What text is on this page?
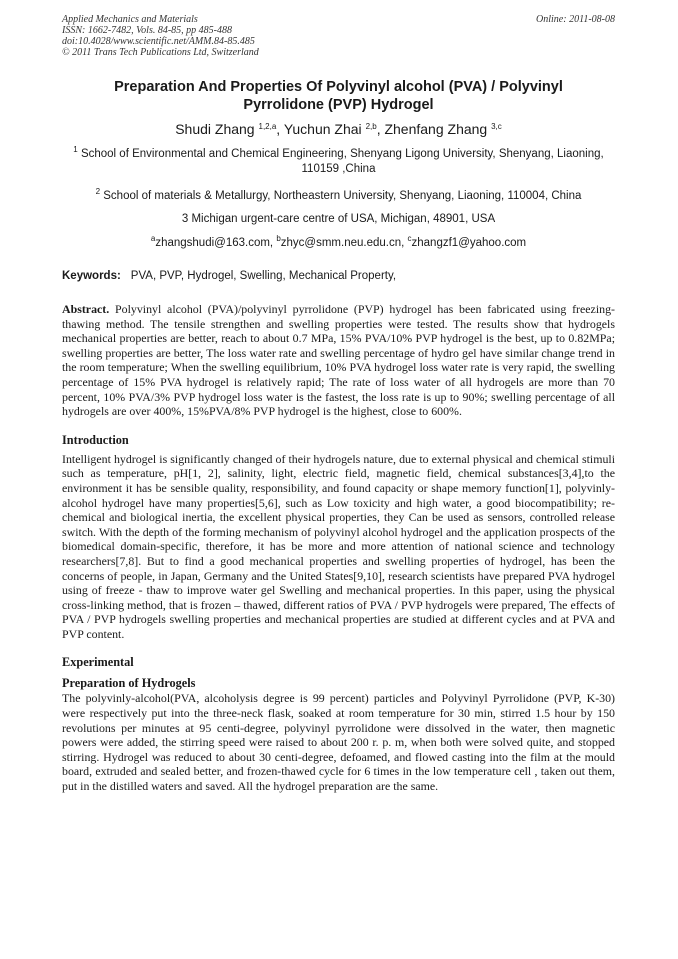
Applied Mechanics and Materials
ISSN: 1662-7482, Vols. 84-85, pp 485-488
doi:10.4028/www.scientific.net/AMM.84-85.485
© 2011 Trans Tech Publications Ltd, Switzerland
Online: 2011-08-08
Preparation And Properties Of Polyvinyl alcohol (PVA) / Polyvinyl Pyrrolidone (PVP) Hydrogel
Shudi Zhang $^{1,2,a}$, Yuchun Zhai $^{2,b}$, Zhenfang Zhang $^{3,c}$
$^1$ School of Environmental and Chemical Engineering, Shenyang Ligong University, Shenyang, Liaoning, 110159 ,China
$^2$ School of materials & Metallurgy, Northeastern University, Shenyang, Liaoning, 110004, China
3 Michigan urgent-care centre of USA, Michigan, 48901, USA
$^a$zhangshudi@163.com, $^b$zhyc@smm.neu.edu.cn, $^c$zhangzf1@yahoo.com
Keywords: PVA, PVP, Hydrogel, Swelling, Mechanical Property,
Abstract. Polyvinyl alcohol (PVA)/polyvinyl pyrrolidone (PVP) hydrogel has been fabricated using freezing-thawing method. The tensile strengthen and swelling properties were tested. The results show that hydrogels mechanical properties are better, reach to about 0.7 MPa, 15% PVA/10% PVP hydrogel is the best, up to 0.82MPa; swelling properties are better, The loss water rate and swelling percentage of hydro gel have similar change trend in the room temperature; When the swelling equilibrium, 10% PVA hydrogel loss water rate is very rapid, the swelling percentage of 15% PVA hydrogel is relatively rapid; The rate of loss water of all hydrogels are more than 70 percent, 10% PVA/3% PVP hydrogel loss water is the fastest, the loss rate is up to 90%; swelling percentage of all hydrogels are over 400%, 15%PVA/8% PVP hydrogel is the highest, close to 600%.
Introduction
Intelligent hydrogel is significantly changed of their hydrogels nature, due to external physical and chemical stimuli such as temperature, pH[1, 2], salinity, light, electric field, magnetic field, chemical substances[3,4],to the environment it has be sensible quality, responsibility, and found capacity or shape memory function[1], polyvinly-alcohol hydrogel have many properties[5,6], such as Low toxicity and high water, a good biocompatibility; re-chemical and biological inertia, the excellent physical properties, they Can be used as sensors, controlled release switch. With the depth of the forming mechanism of polyvinyl alcohol hydrogel and the application prospects of the biomedical domain-specific, therefore, it has be more and more attention of national science and technology researchers[7,8]. But to find a good mechanical properties and swelling properties of hydrogel, has been the concerns of people, in Japan, Germany and the United States[9,10], research scientists have prepared PVA hydrogel using of freeze - thaw to improve water gel Swelling and mechanical properties. In this paper, using the physical cross-linking method, that is frozen – thawed, different ratios of PVA / PVP hydrogels were prepared, The effects of PVA / PVP hydrogels swelling properties and mechanical properties are studied at different cycles and at PVA and PVP content.
Experimental
Preparation of Hydrogels
The polyvinly-alcohol(PVA, alcoholysis degree is 99 percent) particles and Polyvinyl Pyrrolidone (PVP, K-30) were respectively put into the three-neck flask, soaked at room temperature for 30 min, stirred 1.5 hour by 150 revolutions per minutes at 95 centi-degree, polyvinyl pyrrolidone were dissolved in the water, then magnetic powers were added, the stirring speed were raised to about 200 r. p. m, when both were solved quite, and stopped stirring. Hydrogel was reduced to about 30 centi-degree, defoamed, and flowed casting into the film at the mould board, extruded and sealed better, and frozen-thawed cycle for 6 times in the low temperature cell , taken out them, put in the distilled waters and saved. All the hydrogel preparation are the same.
